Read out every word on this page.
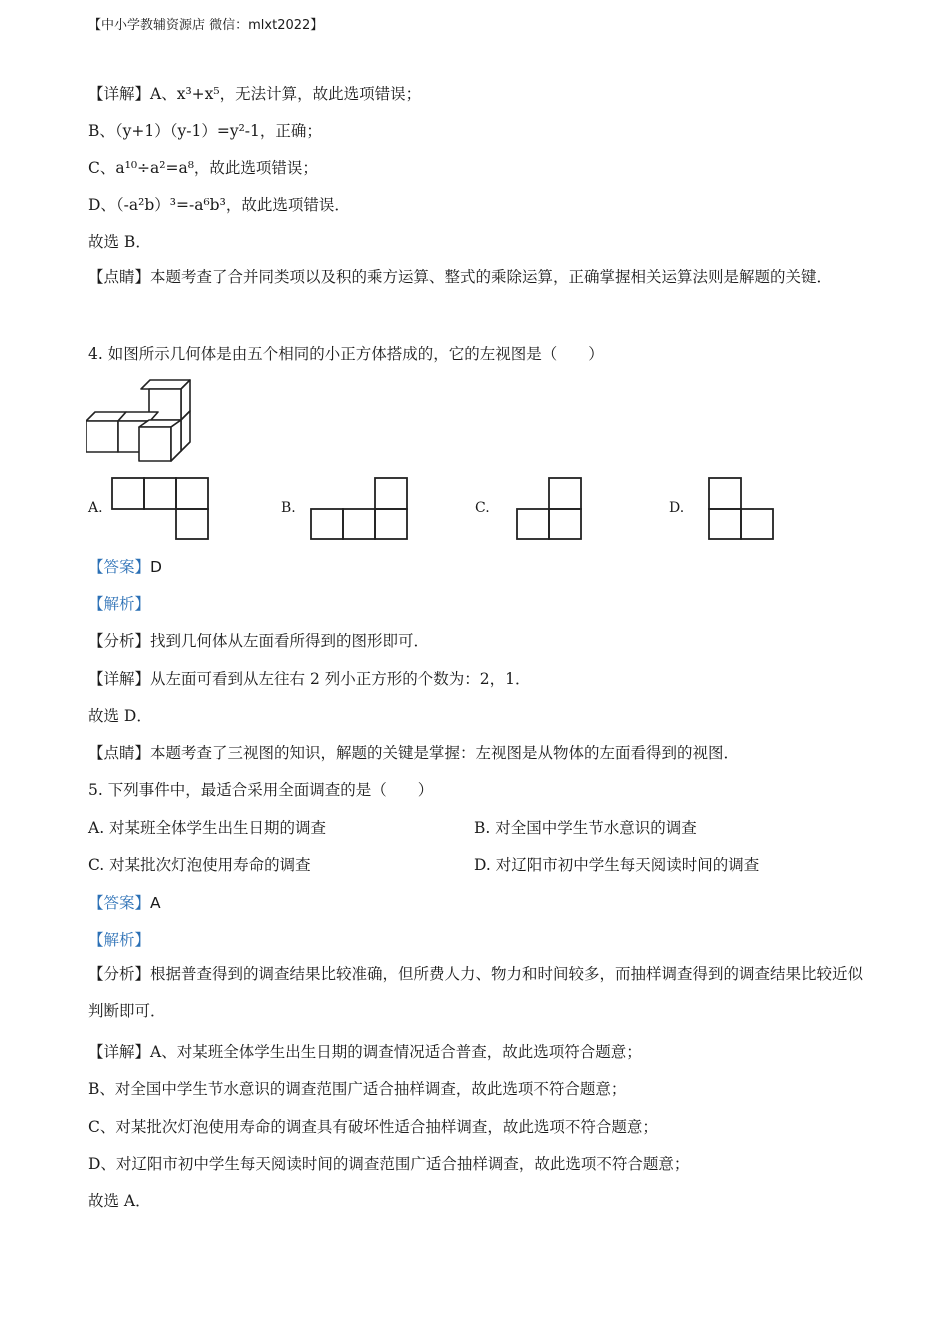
【中小学教辅资源店 微信：mlxt2022】
【详解】A、x³+x⁵，无法计算，故此选项错误；
B、（y+1）（y-1）=y²-1，正确；
C、a¹⁰÷a²=a⁸，故此选项错误；
D、（-a²b）³=-a⁶b³，故此选项错误．
故选 B．
【点睛】本题考查了合并同类项以及积的乘方运算、整式的乘除运算，正确掌握相关运算法则是解题的关键．
4. 如图所示几何体是由五个相同的小正方体搭成的，它的左视图是（　　）
A.	B.	C.	D.
【答案】D
【解析】
【分析】找到几何体从左面看所得到的图形即可．
【详解】从左面可看到从左往右 2 列小正方形的个数为：2，1．
故选 D．
【点睛】本题考查了三视图的知识，解题的关键是掌握：左视图是从物体的左面看得到的视图．
5. 下列事件中，最适合采用全面调查的是（　　）
A. 对某班全体学生出生日期的调查	B. 对全国中学生节水意识的调查
C. 对某批次灯泡使用寿命的调查	D. 对辽阳市初中学生每天阅读时间的调查
【答案】A
【解析】
【分析】根据普查得到的调查结果比较准确，但所费人力、物力和时间较多，而抽样调查得到的调查结果比较近似判断即可．
【详解】A、对某班全体学生出生日期的调查情况适合普查，故此选项符合题意；
B、对全国中学生节水意识的调查范围广适合抽样调查，故此选项不符合题意；
C、对某批次灯泡使用寿命的调查具有破坏性适合抽样调查，故此选项不符合题意；
D、对辽阳市初中学生每天阅读时间的调查范围广适合抽样调查，故此选项不符合题意；
故选 A．
